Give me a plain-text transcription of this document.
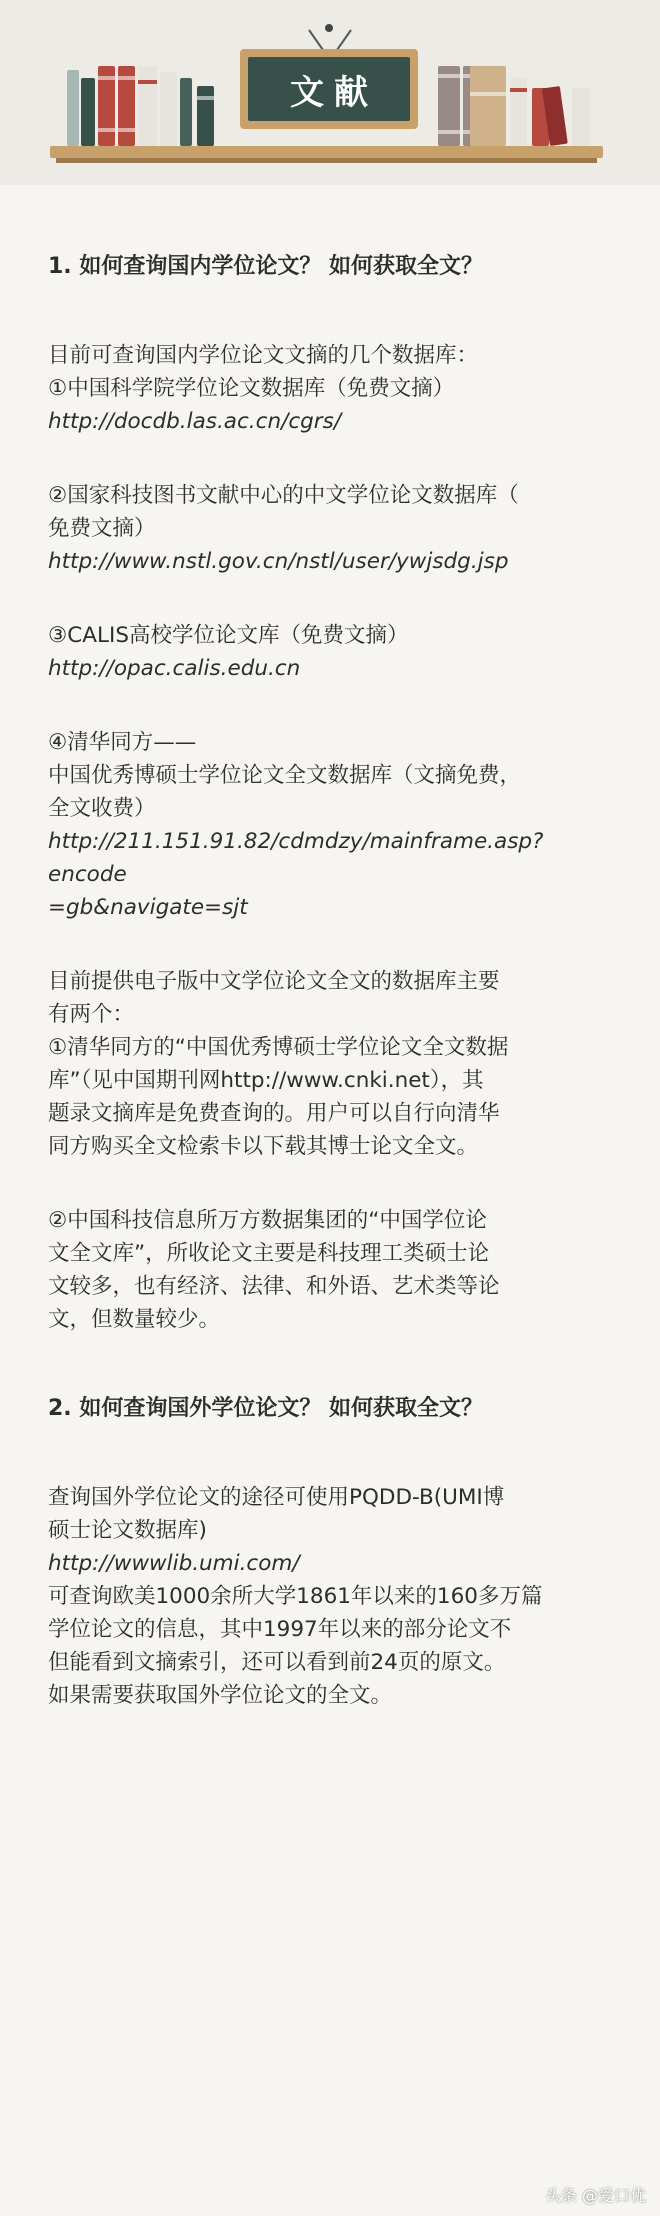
文献

1. 如何查询国内学位论文？ 如何获取全文？

目前可查询国内学位论文文摘的几个数据库：

①中国科学院学位论文数据库（免费文摘）

http://docdb.las.ac.cn/cgrs/

②国家科技图书文献中心的中文学位论文数据库（

免费文摘）

http://www.nstl.gov.cn/nstl/user/ywjsdg.jsp

③CALIS高校学位论文库（免费文摘）

http://opac.calis.edu.cn

④清华同方——

中国优秀博硕士学位论文全文数据库（文摘免费，

全文收费）

http://211.151.91.82/cdmdzy/mainframe.asp?encode

=gb&navigate=sjt

目前提供电子版中文学位论文全文的数据库主要

有两个：

①清华同方的“中国优秀博硕士学位论文全文数据

库”（见中国期刊网http://www.cnki.net），其

题录文摘库是免费查询的。用户可以自行向清华

同方购买全文检索卡以下载其博士论文全文。

②中国科技信息所万方数据集团的“中国学位论

文全文库”，所收论文主要是科技理工类硕士论

文较多，也有经济、法律、和外语、艺术类等论

文，但数量较少。

2. 如何查询国外学位论文？ 如何获取全文？

查询国外学位论文的途径可使用PQDD-B(UMI博

硕士论文数据库)

http://wwwlib.umi.com/

可查询欧美1000余所大学1861年以来的160多万篇

学位论文的信息，其中1997年以来的部分论文不

但能看到文摘索引，还可以看到前24页的原文。

如果需要获取国外学位论文的全文。

头条 @爱口优
